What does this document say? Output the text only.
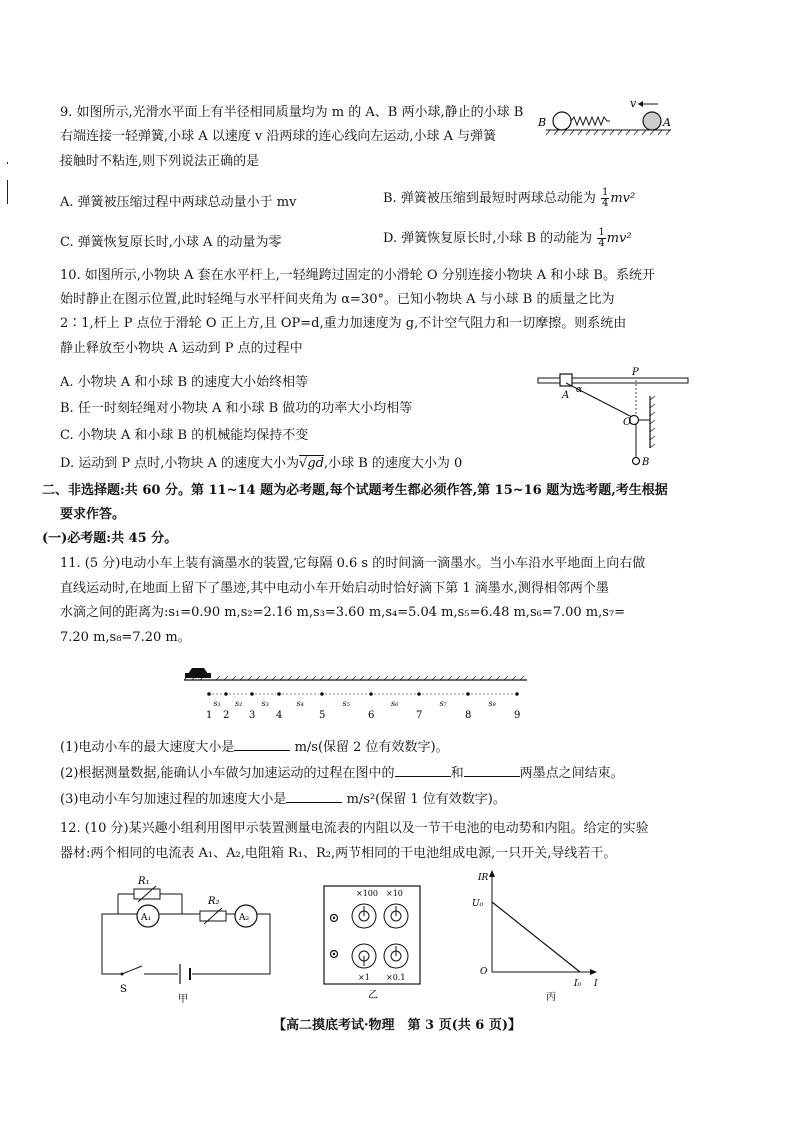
9. 如图所示,光滑水平面上有半径相同质量均为 m 的 A、B 两小球,静止的小球 B
右端连接一轻弹簧,小球 A 以速度 v 沿两球的连心线向左运动,小球 A 与弹簧
接触时不粘连,则下列说法正确的是
B	A
v
A. 弹簧被压缩过程中两球总动量小于 mv	B. 弹簧被压缩到最短时两球总动能为 $\frac{1}{4} mv^2$
C. 弹簧恢复原长时,小球 A 的动量为零	D. 弹簧恢复原长时,小球 B 的动能为 $\frac{1}{4} mv^2$
10. 如图所示,小物块 A 套在水平杆上,一轻绳跨过固定的小滑轮 O 分别连接小物块 A 和小球 B。系统开
始时静止在图示位置,此时轻绳与水平杆间夹角为 α=30°。已知小物块 A 与小球 B 的质量之比为
2∶1,杆上 P 点位于滑轮 O 正上方,且 OP=d,重力加速度为 g,不计空气阻力和一切摩擦。则系统由
静止释放至小物块 A 运动到 P 点的过程中
A. 小物块 A 和小球 B 的速度大小始终相等
B. 任一时刻轻绳对小物块 A 和小球 B 做功的功率大小均相等
C. 小物块 A 和小球 B 的机械能均保持不变
D. 运动到 P 点时,小物块 A 的速度大小为√gd,小球 B 的速度大小为 0
P
A α
O
B
二、非选择题:共 60 分。第 11~14 题为必考题,每个试题考生都必须作答,第 15~16 题为选考题,考生根据
要求作答。
(一)必考题:共 45 分。
11. (5 分)电动小车上装有滴墨水的装置,它每隔 0.6 s 的时间滴一滴墨水。当小车沿水平地面上向右做
直线运动时,在地面上留下了墨迹,其中电动小车开始启动时恰好滴下第 1 滴墨水,测得相邻两个墨
水滴之间的距离为:s₁=0.90 m,s₂=2.16 m,s₃=3.60 m,s₄=5.04 m,s₅=6.48 m,s₆=7.00 m,s₇=
7.20 m,s₈=7.20 m。
1 2 3 4	5	6	7	8	9
s₁ s₂ s₃	s₄	s₅	s₆	s₇	s₈
(1)电动小车的最大速度大小是	m/s(保留 2 位有效数字)。
(2)根据测量数据,能确认小车做匀加速运动的过程在图中的	和	两墨点之间结束。
(3)电动小车匀加速过程的加速度大小是	m/s²(保留 1 位有效数字)。
12. (10 分)某兴趣小组利用图甲示装置测量电流表的内阻以及一节干电池的电动势和内阻。给定的实验
器材:两个相同的电流表 A₁、A₂,电阻箱 R₁、R₂,两节相同的干电池组成电源,一只开关,导线若干。
R₁
A₁
R₂
A₂
S
甲
×100 ×10
×1 ×0.1
乙
IR
U₀
O
I₀ I
丙
【高二摸底考试·物理　第 3 页(共 6 页)】
